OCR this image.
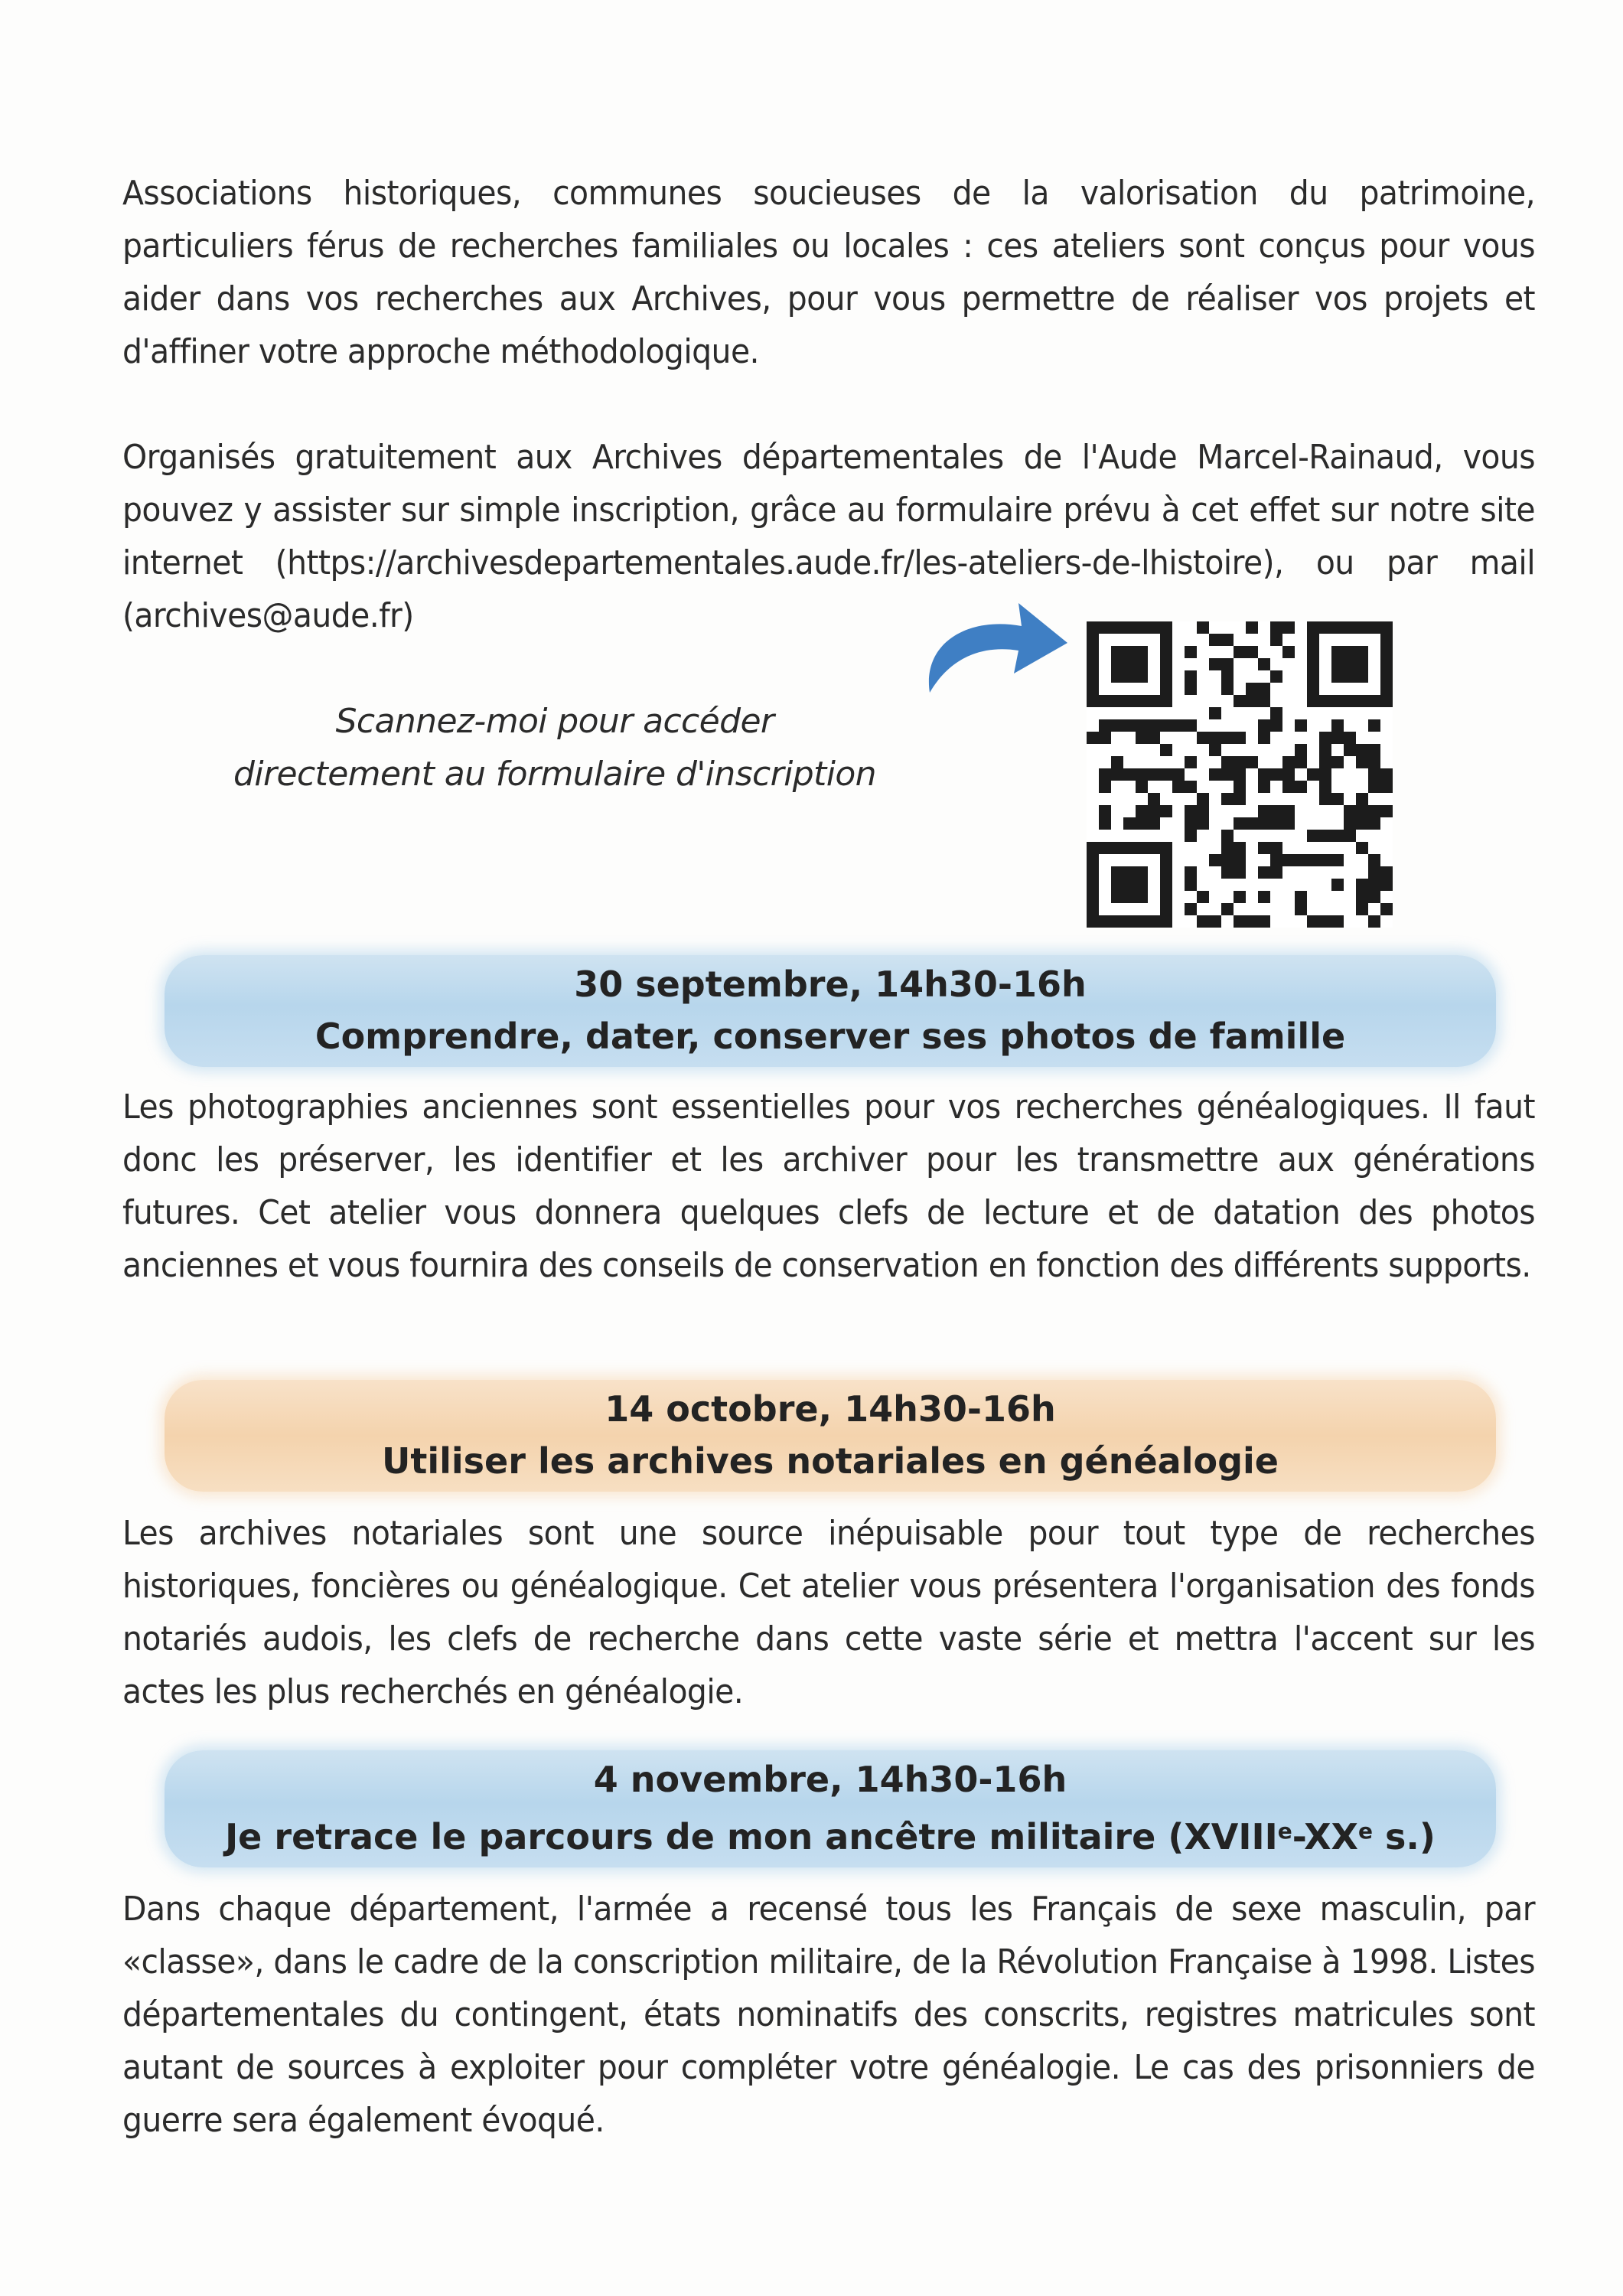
Associations historiques, communes soucieuses de la valorisation du patrimoine, particuliers férus de recherches familiales ou locales : ces ateliers sont conçus pour vous aider dans vos recherches aux Archives, pour vous permettre de réaliser vos projets et d'affiner votre approche méthodologique.

Organisés gratuitement aux Archives départementales de l'Aude Marcel-Rainaud, vous pouvez y assister sur simple inscription, grâce au formulaire prévu à cet effet sur notre site internet (https://archivesdepartementales.aude.fr/les-ateliers-de-lhistoire), ou par mail (archives@aude.fr)

Scannez-moi pour accéder
directement au formulaire d'inscription
30 septembre, 14h30-16h
Comprendre, dater, conserver ses photos de famille

Les photographies anciennes sont essentielles pour vos recherches généalogiques. Il faut donc les préserver, les identifier et les archiver pour les transmettre aux générations futures. Cet atelier vous donnera quelques clefs de lecture et de datation des photos anciennes et vous fournira des conseils de conservation en fonction des différents supports.

14 octobre, 14h30-16h
Utiliser les archives notariales en généalogie

Les archives notariales sont une source inépuisable pour tout type de recherches historiques, foncières ou généalogique. Cet atelier vous présentera l'organisation des fonds notariés audois, les clefs de recherche dans cette vaste série et mettra l'accent sur les actes les plus recherchés en généalogie.

4 novembre, 14h30-16h
Je retrace le parcours de mon ancêtre militaire (XVIIIe-XXe s.)

Dans chaque département, l'armée a recensé tous les Français de sexe masculin, par «classe», dans le cadre de la conscription militaire, de la Révolution Française à 1998. Listes départementales du contingent, états nominatifs des conscrits, registres matricules sont autant de sources à exploiter pour compléter votre généalogie. Le cas des prisonniers de guerre sera également évoqué.
